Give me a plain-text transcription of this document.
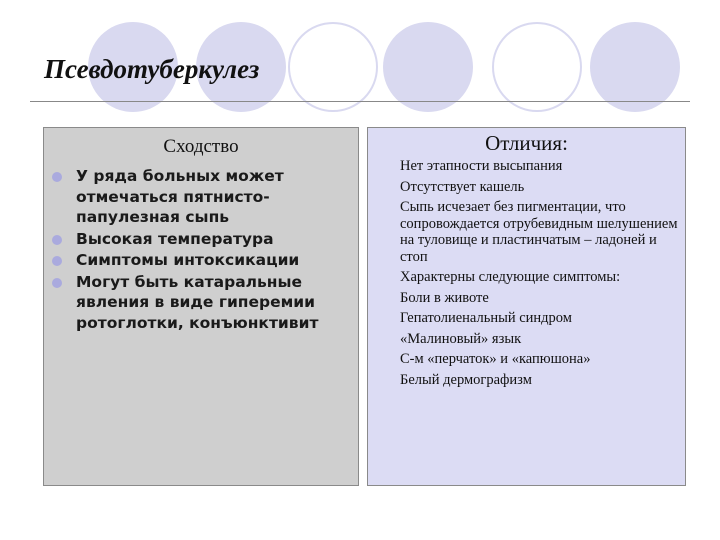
Псевдотуберкулез
Сходство
У ряда больных может отмечаться пятнисто-папулезная сыпь
Высокая температура
Симптомы интоксикации
Могут быть катаральные явления в виде гиперемии ротоглотки, конъюнктивит
Отличия:
Нет этапности высыпания
Отсутствует кашель
Сыпь исчезает без пигментации, что сопровождается отрубевидным шелушением на туловище и пластинчатым – ладоней и стоп
Характерны следующие симптомы:
Боли в животе
Гепатолиенальный синдром
«Малиновый» язык
С-м «перчаток» и «капюшона»
Белый дермографизм
